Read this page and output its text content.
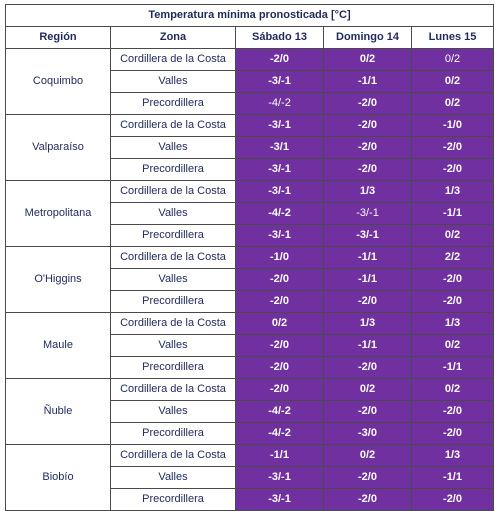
Temperatura mínima pronosticada [°C]				
Región	Zona	Sábado 13	Domingo 14	Lunes 15
Coquimbo	Cordillera de la Costa	-2/0	0/2	0/2
	Valles	-3/-1	-1/1	0/2
	Precordillera	-4/-2	-2/0	0/2
Valparaíso	Cordillera de la Costa	-3/-1	-2/0	-1/0
	Valles	-3/1	-2/0	-2/0
	Precordillera	-3/-1	-2/0	-2/0
Metropolitana	Cordillera de la Costa	-3/-1	1/3	1/3
	Valles	-4/-2	-3/-1	-1/1
	Precordillera	-3/-1	-3/-1	0/2
O'Higgins	Cordillera de la Costa	-1/0	-1/1	2/2
	Valles	-2/0	-1/1	-2/0
	Precordillera	-2/0	-2/0	-2/0
Maule	Cordillera de la Costa	0/2	1/3	1/3
	Valles	-2/0	-1/1	0/2
	Precordillera	-2/0	-2/0	-1/1
Ñuble	Cordillera de la Costa	-2/0	0/2	0/2
	Valles	-4/-2	-2/0	-2/0
	Precordillera	-4/-2	-3/0	-2/0
Biobío	Cordillera de la Costa	-1/1	0/2	1/3
	Valles	-3/-1	-2/0	-1/1
	Precordillera	-3/-1	-2/0	-2/0
